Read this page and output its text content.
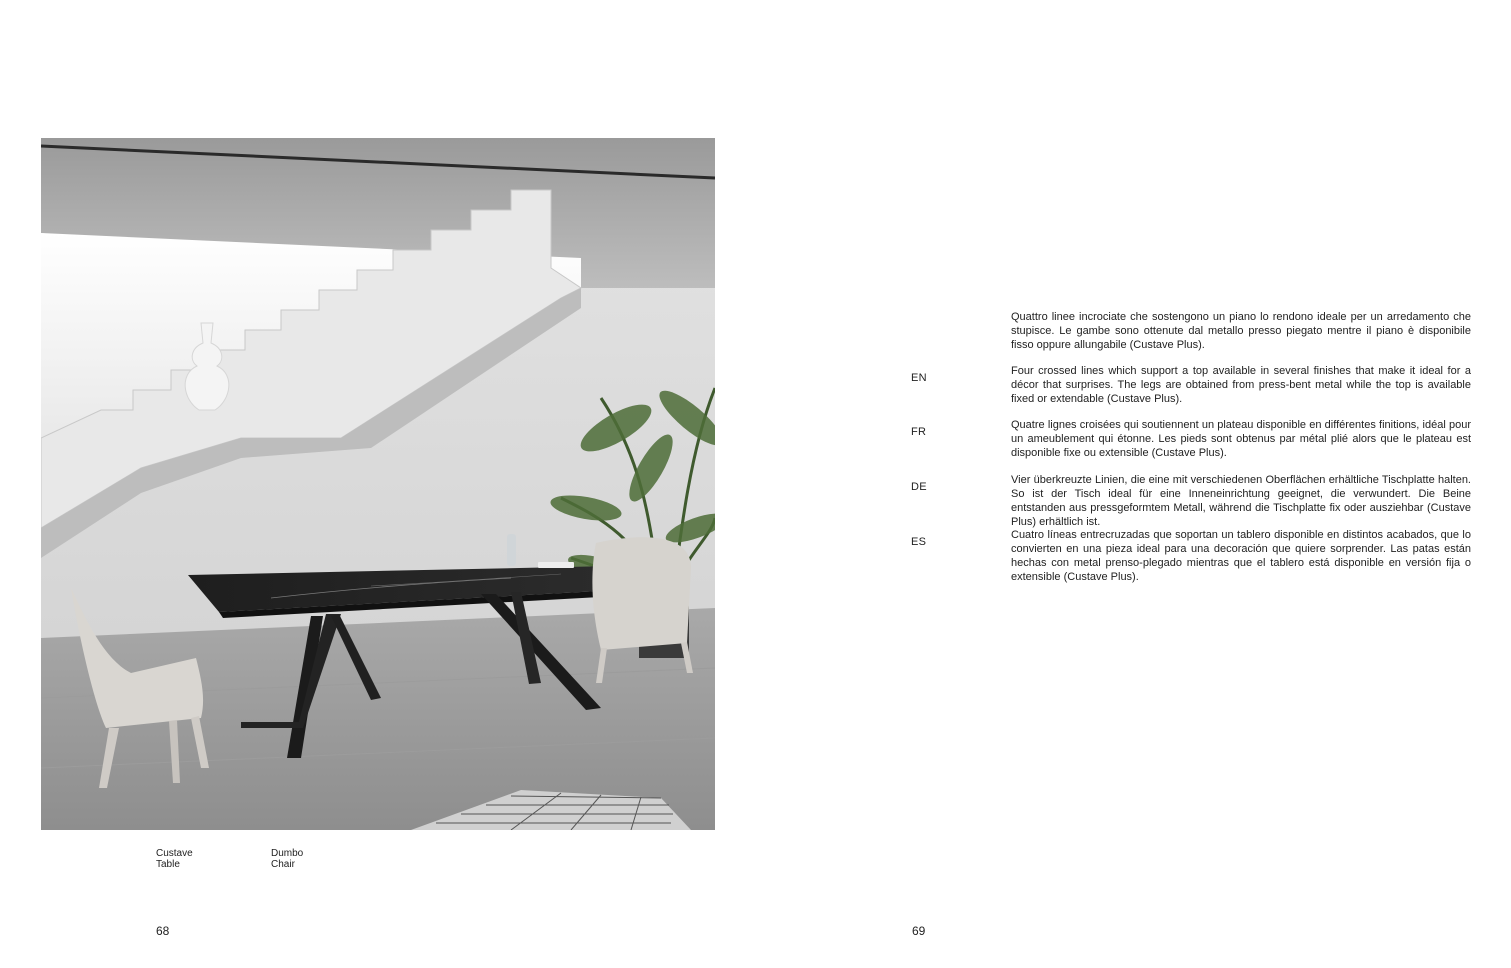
Custave
Table
Dumbo
Chair
68	69

Quattro linee incrociate che sostengono un piano lo rendono ideale per un arredamento che stupisce. Le gambe sono ottenute dal metallo presso piegato mentre il piano è disponibile fisso oppure allungabile (Custave Plus).

EN

Four crossed lines which support a top available in several finishes that make it ideal for a décor that surprises. The legs are obtained from press-bent metal while the top is available fixed or extendable (Custave Plus).

FR

Quatre lignes croisées qui soutiennent un plateau disponible en différentes finitions, idéal pour un ameublement qui étonne. Les pieds sont obtenus par métal plié alors que le plateau est disponible fixe ou extensible (Custave Plus).

DE

Vier überkreuzte Linien, die eine mit verschiedenen Oberflächen erhältliche Tischplatte halten. So ist der Tisch ideal für eine Inneneinrichtung geeignet, die verwundert. Die Beine entstanden aus pressgeformtem Metall, während die Tischplatte fix oder ausziehbar (Custave Plus) erhältlich ist.

ES

Cuatro líneas entrecruzadas que soportan un tablero disponible en distintos acabados, que lo convierten en una pieza ideal para una decoración que quiere sorprender. Las patas están hechas con metal prenso-plegado mientras que el tablero está disponible en versión fija o extensible (Custave Plus).
